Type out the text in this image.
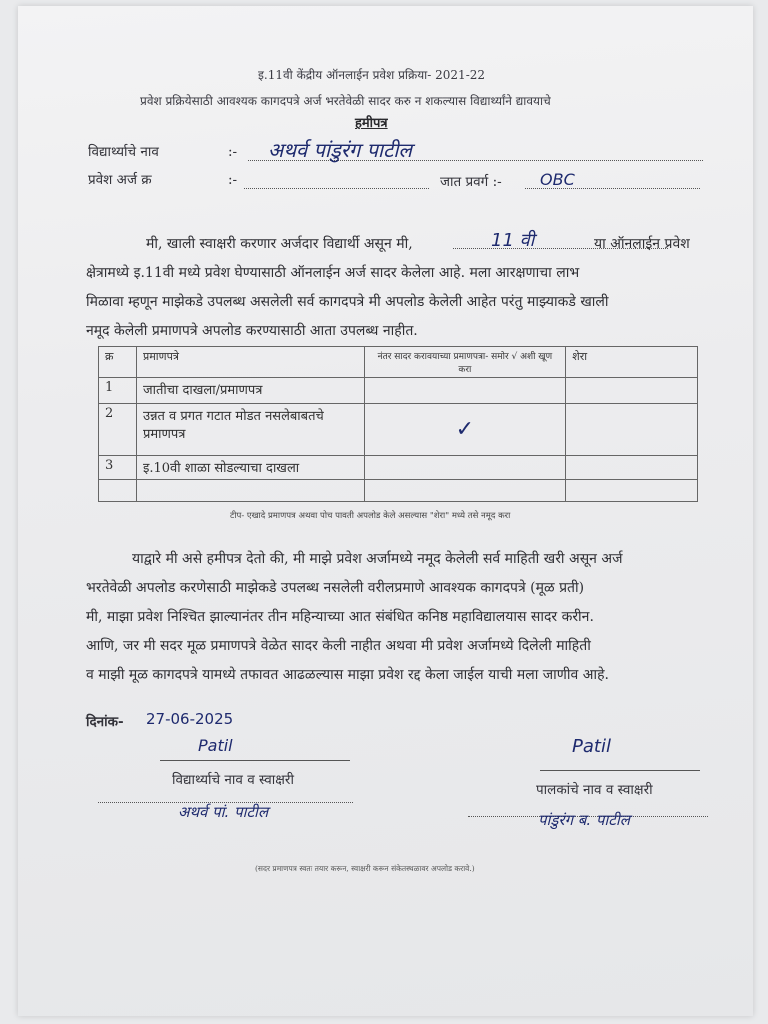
इ.11वी केंद्रीय ऑनलाईन प्रवेश प्रक्रिया- 2021-22
प्रवेश प्रक्रियेसाठी आवश्यक कागदपत्रे अर्ज भरतेवेळी सादर करु न शकल्यास विद्यार्थ्यांने द्यावयाचे
हमीपत्र
विद्यार्थ्याचे नाव	:- अथर्व पांडुरंग पाटील
प्रवेश अर्ज क्र	:-	जात प्रवर्ग :- OBC
मी, खाली स्वाक्षरी करणार अर्जदार विद्यार्थी असून मी,	11 वी	या ऑनलाईन प्रवेश
क्षेत्रामध्ये इ.11वी मध्ये प्रवेश घेण्यासाठी ऑनलाईन अर्ज सादर केलेला आहे. मला आरक्षणाचा लाभ
मिळावा म्हणून माझेकडे उपलब्ध असलेली सर्व कागदपत्रे मी अपलोड केलेली आहेत परंतु माझ्याकडे खाली
नमूद केलेली प्रमाणपत्रे अपलोड करण्यासाठी आता उपलब्ध नाहीत.
क्र	प्रमाणपत्रे	नंतर सादर करावयाच्या प्रमाणपत्रा- समोर √ अशी खूण करा	शेरा
1	जातीचा दाखला/प्रमाणपत्र		
2	उन्नत व प्रगत गटात मोडत नसलेबाबतचे प्रमाणपत्र	✓	
3	इ.10वी शाळा सोडल्याचा दाखला		

टीप- एखादे प्रमाणपत्र अथवा पोच पावती अपलोड केले असल्यास "शेरा" मध्ये तसे नमूद करा
याद्वारे मी असे हमीपत्र देतो की, मी माझे प्रवेश अर्जामध्ये नमूद केलेली सर्व माहिती खरी असून अर्ज
भरतेवेळी अपलोड करणेसाठी माझेकडे उपलब्ध नसलेली वरीलप्रमाणे आवश्यक कागदपत्रे (मूळ प्रती)
मी, माझा प्रवेश निश्चित झाल्यानंतर तीन महिन्याच्या आत संबंधित कनिष्ठ महाविद्यालयास सादर करीन.
आणि, जर मी सदर मूळ प्रमाणपत्रे वेळेत सादर केली नाहीत अथवा मी प्रवेश अर्जामध्ये दिलेली माहिती
व माझी मूळ कागदपत्रे यामध्ये तफावत आढळल्यास माझा प्रवेश रद्द केला जाईल याची मला जाणीव आहे.
दिनांक- 27-06-2025
Patil
विद्यार्थ्याचे नाव व स्वाक्षरी
अथर्व पां. पाटील
Patil
पालकांचे नाव व स्वाक्षरी
पांडुरंग ब. पाटील
(सदर प्रमाणपत्र स्वतः तयार करून, स्वाक्षरी करून संकेतस्थळावर अपलोड करावे.)
